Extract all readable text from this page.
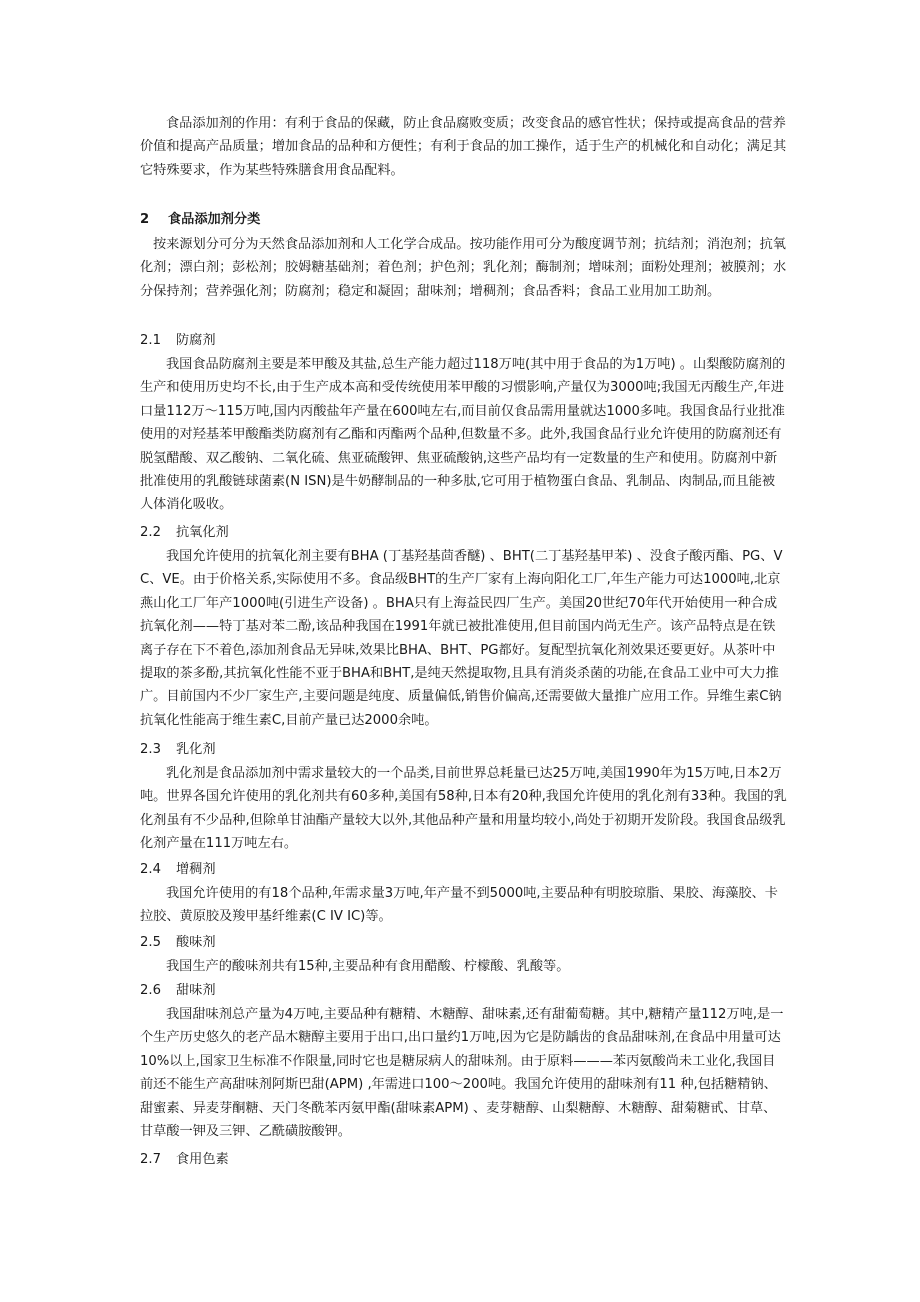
食品添加剂的作用：有利于食品的保藏，防止食品腐败变质；改变食品的感官性状；保持或提高食品的营养价值和提高产品质量；增加食品的品种和方便性；有利于食品的加工操作，适于生产的机械化和自动化；满足其它特殊要求，作为某些特殊膳食用食品配料。

2 食品添加剂分类

按来源划分可分为天然食品添加剂和人工化学合成品。按功能作用可分为酸度调节剂；抗结剂；消泡剂；抗氧化剂；漂白剂；彭松剂；胶姆糖基础剂；着色剂；护色剂；乳化剂；酶制剂；增味剂；面粉处理剂；被膜剂；水分保持剂；营养强化剂；防腐剂；稳定和凝固；甜味剂；增稠剂；食品香料；食品工业用加工助剂。

2.1 防腐剂

我国食品防腐剂主要是苯甲酸及其盐,总生产能力超过118万吨(其中用于食品的为1万吨) 。山梨酸防腐剂的生产和使用历史均不长,由于生产成本高和受传统使用苯甲酸的习惯影响,产量仅为3000吨;我国无丙酸生产,年进口量112万～115万吨,国内丙酸盐年产量在600吨左右,而目前仅食品需用量就达1000多吨。我国食品行业批准使用的对羟基苯甲酸酯类防腐剂有乙酯和丙酯两个品种,但数量不多。此外,我国食品行业允许使用的防腐剂还有脱氢醋酸、双乙酸钠、二氧化硫、焦亚硫酸钾、焦亚硫酸钠,这些产品均有一定数量的生产和使用。防腐剂中新批准使用的乳酸链球菌素(N ISN)是牛奶酵制品的一种多肽,它可用于植物蛋白食品、乳制品、肉制品,而且能被人体消化吸收。

2.2 抗氧化剂

我国允许使用的抗氧化剂主要有BHA (丁基羟基茴香醚) 、BHT(二丁基羟基甲苯) 、没食子酸丙酯、PG、VC、VE。由于价格关系,实际使用不多。食品级BHT的生产厂家有上海向阳化工厂,年生产能力可达1000吨,北京燕山化工厂年产1000吨(引进生产设备) 。BHA只有上海益民四厂生产。美国20世纪70年代开始使用一种合成抗氧化剂——特丁基对苯二酚,该品种我国在1991年就已被批准使用,但目前国内尚无生产。该产品特点是在铁离子存在下不着色,添加剂食品无异味,效果比BHA、BHT、PG都好。复配型抗氧化剂效果还要更好。从茶叶中提取的茶多酚,其抗氧化性能不亚于BHA和BHT,是纯天然提取物,且具有消炎杀菌的功能,在食品工业中可大力推广。目前国内不少厂家生产,主要问题是纯度、质量偏低,销售价偏高,还需要做大量推广应用工作。异维生素C钠抗氧化性能高于维生素C,目前产量已达2000余吨。

2.3 乳化剂

乳化剂是食品添加剂中需求量较大的一个品类,目前世界总耗量已达25万吨,美国1990年为15万吨,日本2万吨。世界各国允许使用的乳化剂共有60多种,美国有58种,日本有20种,我国允许使用的乳化剂有33种。我国的乳化剂虽有不少品种,但除单甘油酯产量较大以外,其他品种产量和用量均较小,尚处于初期开发阶段。我国食品级乳化剂产量在111万吨左右。

2.4 增稠剂

我国允许使用的有18个品种,年需求量3万吨,年产量不到5000吨,主要品种有明胶琼脂、果胶、海藻胶、卡拉胶、黄原胶及羧甲基纤维素(C IV IC)等。

2.5 酸味剂

我国生产的酸味剂共有15种,主要品种有食用醋酸、柠檬酸、乳酸等。

2.6 甜味剂

我国甜味剂总产量为4万吨,主要品种有糖精、木糖醇、甜味素,还有甜葡萄糖。其中,糖精产量112万吨,是一个生产历史悠久的老产品木糖醇主要用于出口,出口量约1万吨,因为它是防龋齿的食品甜味剂,在食品中用量可达10%以上,国家卫生标准不作限量,同时它也是糖尿病人的甜味剂。由于原料———苯丙氨酸尚未工业化,我国目前还不能生产高甜味剂阿斯巴甜(APM) ,年需进口100～200吨。我国允许使用的甜味剂有11 种,包括糖精钠、甜蜜素、异麦芽酮糖、天门冬酰苯丙氨甲酯(甜味素APM) 、麦芽糖醇、山梨糖醇、木糖醇、甜菊糖甙、甘草、甘草酸一钾及三钾、乙酰磺胺酸钾。

2.7 食用色素
